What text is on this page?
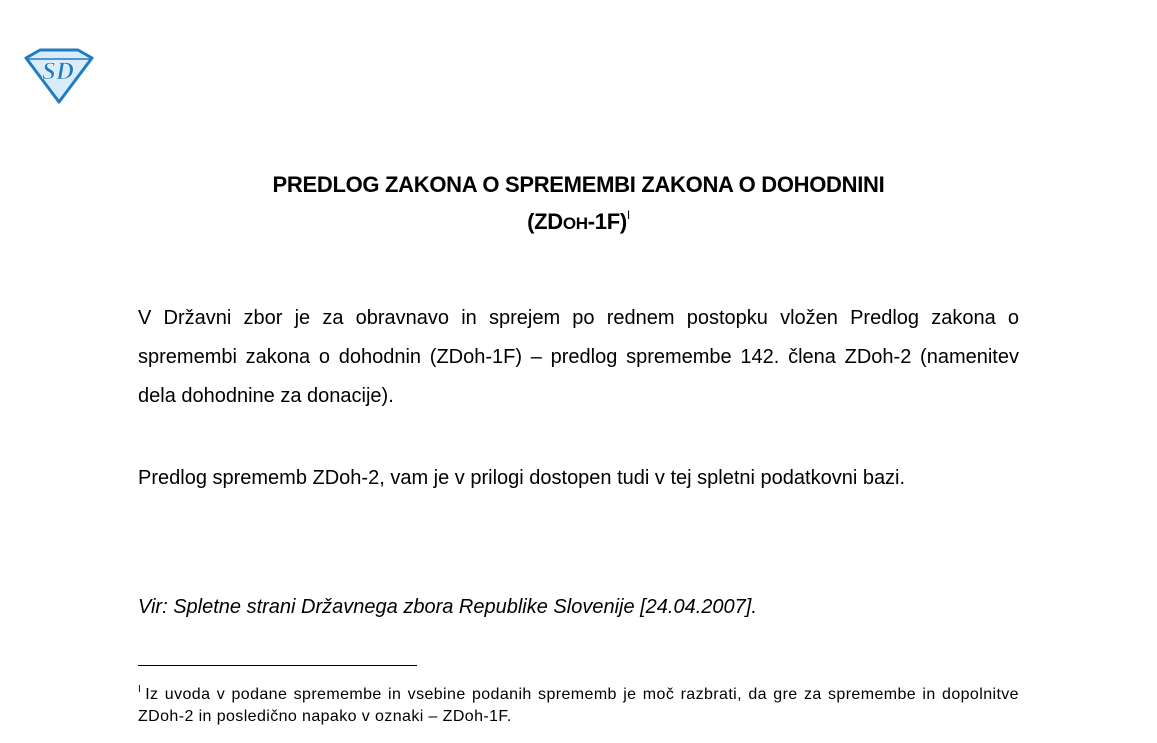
SD
PREDLOG ZAKONA O SPREMEMBI ZAKONA O DOHODNINI
(ZDOH-1F)$^I$

V Državni zbor je za obravnavo in sprejem po rednem postopku vložen Predlog zakona o spremembi zakona o dohodnin (ZDoh-1F) – predlog spremembe 142. člena ZDoh-2 (namenitev dela dohodnine za donacije).

Predlog sprememb ZDoh-2, vam je v prilogi dostopen tudi v tej spletni podatkovni bazi.

Vir: Spletne strani Državnega zbora Republike Slovenije [24.04.2007].
$^I$ Iz uvoda v podane spremembe in vsebine podanih sprememb je moč razbrati, da gre za spremembe in dopolnitve ZDoh-2 in posledično napako v oznaki – ZDoh-1F.
